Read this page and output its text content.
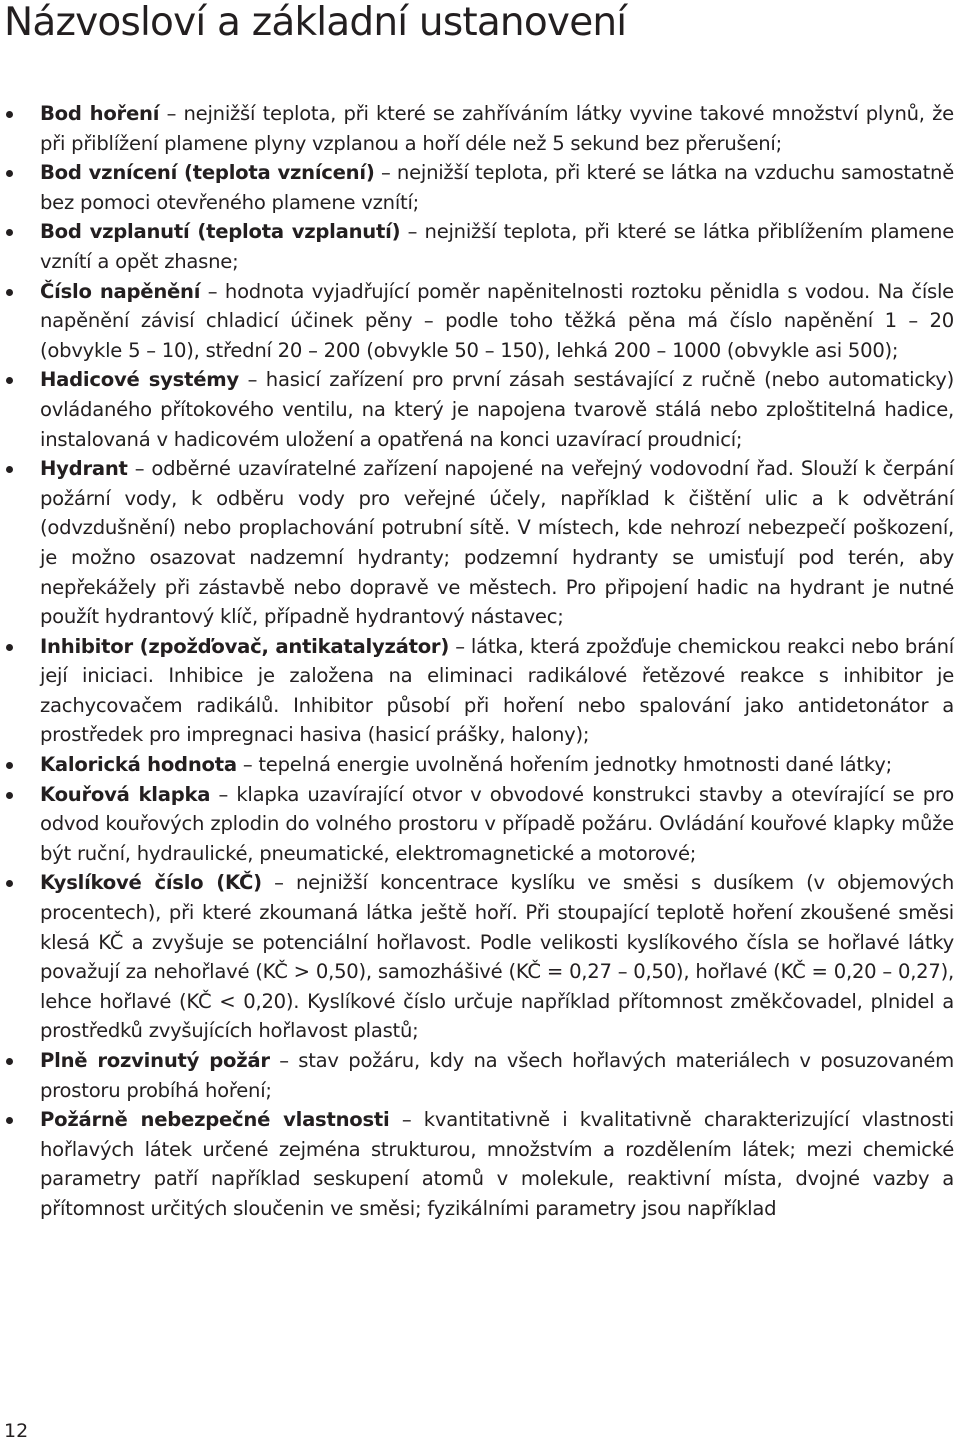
Názvosloví a základní ustanovení
Bod hoření – nejnižší teplota, při které se zahříváním látky vyvine takové množství plynů, že při přiblížení plamene plyny vzplanou a hoří déle než 5 sekund bez přerušení;
Bod vznícení (teplota vznícení) – nejnižší teplota, při které se látka na vzduchu samostatně bez pomoci otevřeného plamene vznítí;
Bod vzplanutí (teplota vzplanutí) – nejnižší teplota, při které se látka přiblížením plamene vznítí a opět zhasne;
Číslo napěnění – hodnota vyjadřující poměr napěnitelnosti roztoku pěnidla s vodou. Na čísle napěnění závisí chladicí účinek pěny – podle toho těžká pěna má číslo napěnění 1 – 20 (obvykle 5 – 10), střední 20 – 200 (obvykle 50 – 150), lehká 200 – 1000 (obvykle asi 500);
Hadicové systémy – hasicí zařízení pro první zásah sestávající z ručně (nebo automaticky) ovládaného přítokového ventilu, na který je napojena tvarově stálá nebo zploštitelná hadice, instalovaná v hadicovém uložení a opatřená na konci uzavírací proudnicí;
Hydrant – odběrné uzavíratelné zařízení napojené na veřejný vodovodní řad. Slouží k čerpání požární vody, k odběru vody pro veřejné účely, například k čištění ulic a k odvětrání (odvzdušnění) nebo proplachování potrubní sítě. V místech, kde nehrozí nebezpečí poškození, je možno osazovat nadzemní hydranty; podzemní hydranty se umisťují pod terén, aby nepřekážely při zástavbě nebo dopravě ve městech. Pro připojení hadic na hydrant je nutné použít hydrantový klíč, případně hydrantový nástavec;
Inhibitor (zpožďovač, antikatalyzátor) – látka, která zpožďuje chemickou reakci nebo brání její iniciaci. Inhibice je založena na eliminaci radikálové řetězové reakce s inhibitor je zachycovačem radikálů. Inhibitor působí při hoření nebo spalování jako antidetonátor a prostředek pro impregnaci hasiva (hasicí prášky, halony);
Kalorická hodnota – tepelná energie uvolněná hořením jednotky hmotnosti dané látky;
Kouřová klapka – klapka uzavírající otvor v obvodové konstrukci stavby a otevírající se pro odvod kouřových zplodin do volného prostoru v případě požáru. Ovládání kouřové klapky může být ruční, hydraulické, pneumatické, elektromagnetické a motorové;
Kyslíkové číslo (KČ) – nejnižší koncentrace kyslíku ve směsi s dusíkem (v objemových procentech), při které zkoumaná látka ještě hoří. Při stoupající teplotě hoření zkoušené směsi klesá KČ a zvyšuje se potenciální hořlavost. Podle velikosti kyslíkového čísla se hořlavé látky považují za nehořlavé (KČ > 0,50), samozhášivé (KČ = 0,27 – 0,50), hořlavé (KČ = 0,20 – 0,27), lehce hořlavé (KČ < 0,20). Kyslíkové číslo určuje například přítomnost změkčovadel, plnidel a prostředků zvyšujících hořlavost plastů;
Plně rozvinutý požár – stav požáru, kdy na všech hořlavých materiálech v posuzovaném prostoru probíhá hoření;
Požárně nebezpečné vlastnosti – kvantitativně i kvalitativně charakterizující vlastnosti hořlavých látek určené zejména strukturou, množstvím a rozdělením látek; mezi chemické parametry patří například seskupení atomů v molekule, reaktivní místa, dvojné vazby a přítomnost určitých sloučenin ve směsi; fyzikálními parametry jsou například
12
